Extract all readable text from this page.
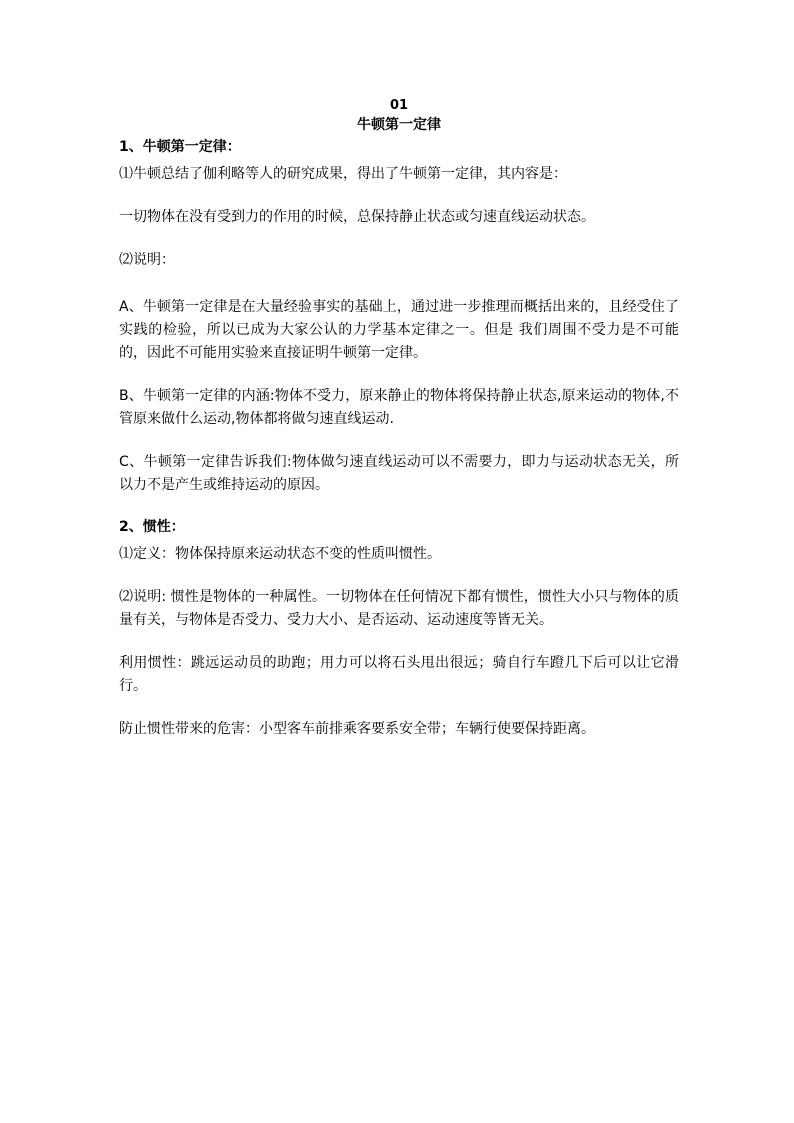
01

牛顿第一定律

1、牛顿第一定律：

⑴牛顿总结了伽利略等人的研究成果，得出了牛顿第一定律，其内容是：

一切物体在没有受到力的作用的时候，总保持静止状态或匀速直线运动状态。

⑵说明：

A、牛顿第一定律是在大量经验事实的基础上，通过进一步推理而概括出来的，且经受住了实践的检验，所以已成为大家公认的力学基本定律之一。但是 我们周围不受力是不可能的，因此不可能用实验来直接证明牛顿第一定律。

B、牛顿第一定律的内涵:物体不受力，原来静止的物体将保持静止状态,原来运动的物体,不管原来做什么运动,物体都将做匀速直线运动.

C、牛顿第一定律告诉我们:物体做匀速直线运动可以不需要力，即力与运动状态无关，所以力不是产生或维持运动的原因。

2、惯性：

⑴定义：物体保持原来运动状态不变的性质叫惯性。

⑵说明: 惯性是物体的一种属性。一切物体在任何情况下都有惯性，惯性大小只与物体的质量有关，与物体是否受力、受力大小、是否运动、运动速度等皆无关。

利用惯性：跳远运动员的助跑；用力可以将石头甩出很远；骑自行车蹬几下后可以让它滑行。

防止惯性带来的危害：小型客车前排乘客要系安全带；车辆行使要保持距离。
